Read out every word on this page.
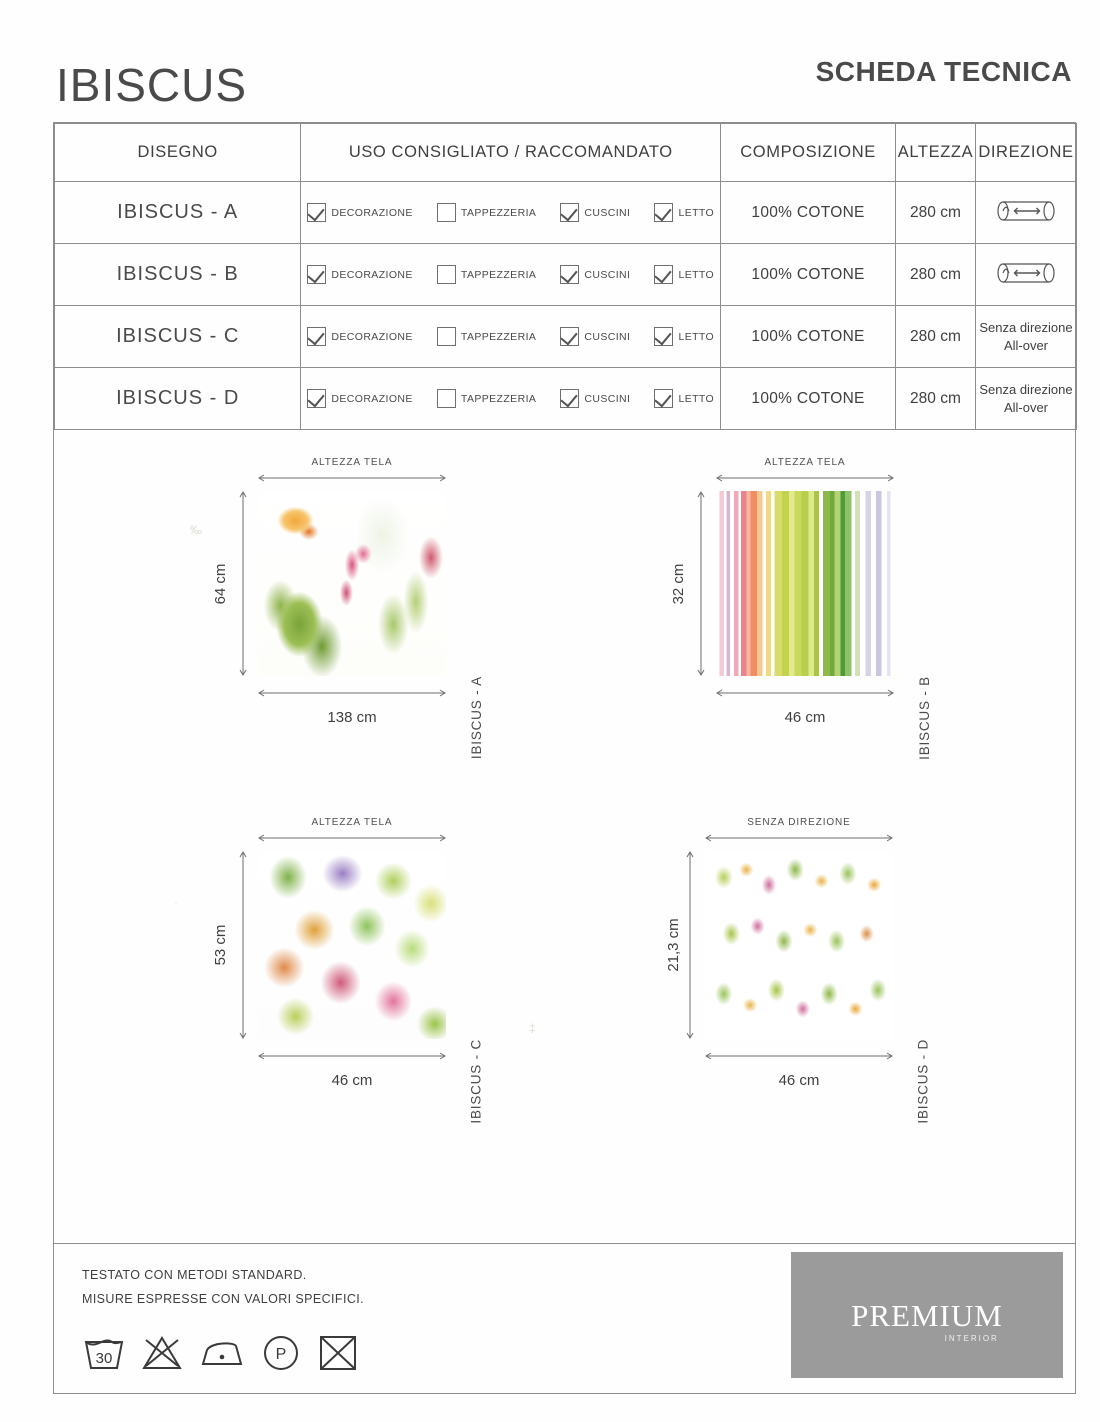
IBISCUS	SCHEDA TECNICA
DISEGNO	USO CONSIGLIATO / RACCOMANDATO	COMPOSIZIONE	ALTEZZA	DIREZIONE
IBISCUS - A	DECORAZIONE TAPPEZZERIA CUSCINI LETTO	100% COTONE	280 cm	
IBISCUS - B	DECORAZIONE TAPPEZZERIA CUSCINI LETTO	100% COTONE	280 cm	
IBISCUS - C	DECORAZIONE TAPPEZZERIA CUSCINI LETTO	100% COTONE	280 cm	Senza direzione All-over
IBISCUS - D	DECORAZIONE TAPPEZZERIA CUSCINI LETTO	100% COTONE	280 cm	Senza direzione All-over
‰
‡
·
ALTEZZA TELA
64 cm
138 cm	IBISCUS - A
ALTEZZA TELA
32 cm
46 cm	IBISCUS - B
ALTEZZA TELA
53 cm
46 cm	IBISCUS - C
SENZA DIREZIONE
21,3 cm
46 cm	IBISCUS - D
TESTATO CON METODI STANDARD.
MISURE ESPRESSE CON VALORI SPECIFICI.
30	P
PREMIUM
INTERIOR
